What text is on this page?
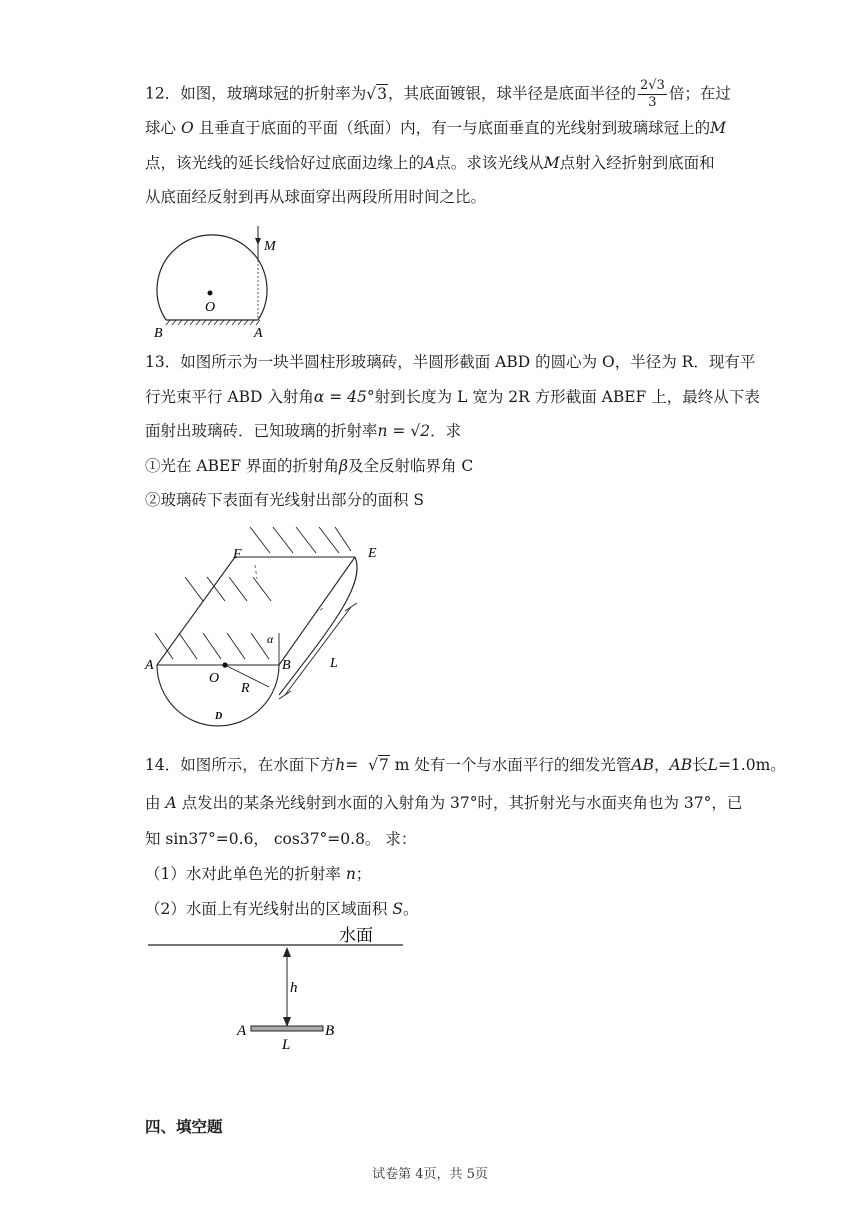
12．如图，玻璃球冠的折射率为√3，其底面镀银，球半径是底面半径的 $\frac{2√3}{3}$ 倍；在过
球心 O 且垂直于底面的平面（纸面）内，有一与底面垂直的光线射到玻璃球冠上的M
点，该光线的延长线恰好过底面边缘上的A点。求该光线从M点射入经折射到底面和
从底面经反射到再从球面穿出两段所用时间之比。
M
O
B	A
13．如图所示为一块半圆柱形玻璃砖，半圆形截面 ABD 的圆心为 O，半径为 R．现有平
行光束平行 ABD 入射角α = 45°射到长度为 L 宽为 2R 方形截面 ABEF 上，最终从下表
面射出玻璃砖．已知玻璃的折射率n = √2．求
①光在 ABEF 界面的折射角β及全反射临界角 C
②玻璃砖下表面有光线射出部分的面积 S
F	E
A	B
O
R
L
D
α
14．如图所示，在水面下方h= √7 m 处有一个与水面平行的细发光管AB，AB长L=1.0m。
由 A 点发出的某条光线射到水面的入射角为 37°时，其折射光与水面夹角也为 37°，已
知 sin37°=0.6， cos37°=0.8。 求：
（1）水对此单色光的折射率 n；
（2）水面上有光线射出的区域面积 S。
水面
h
A	B
L
四、填空题
试卷第 4页，共 5页
